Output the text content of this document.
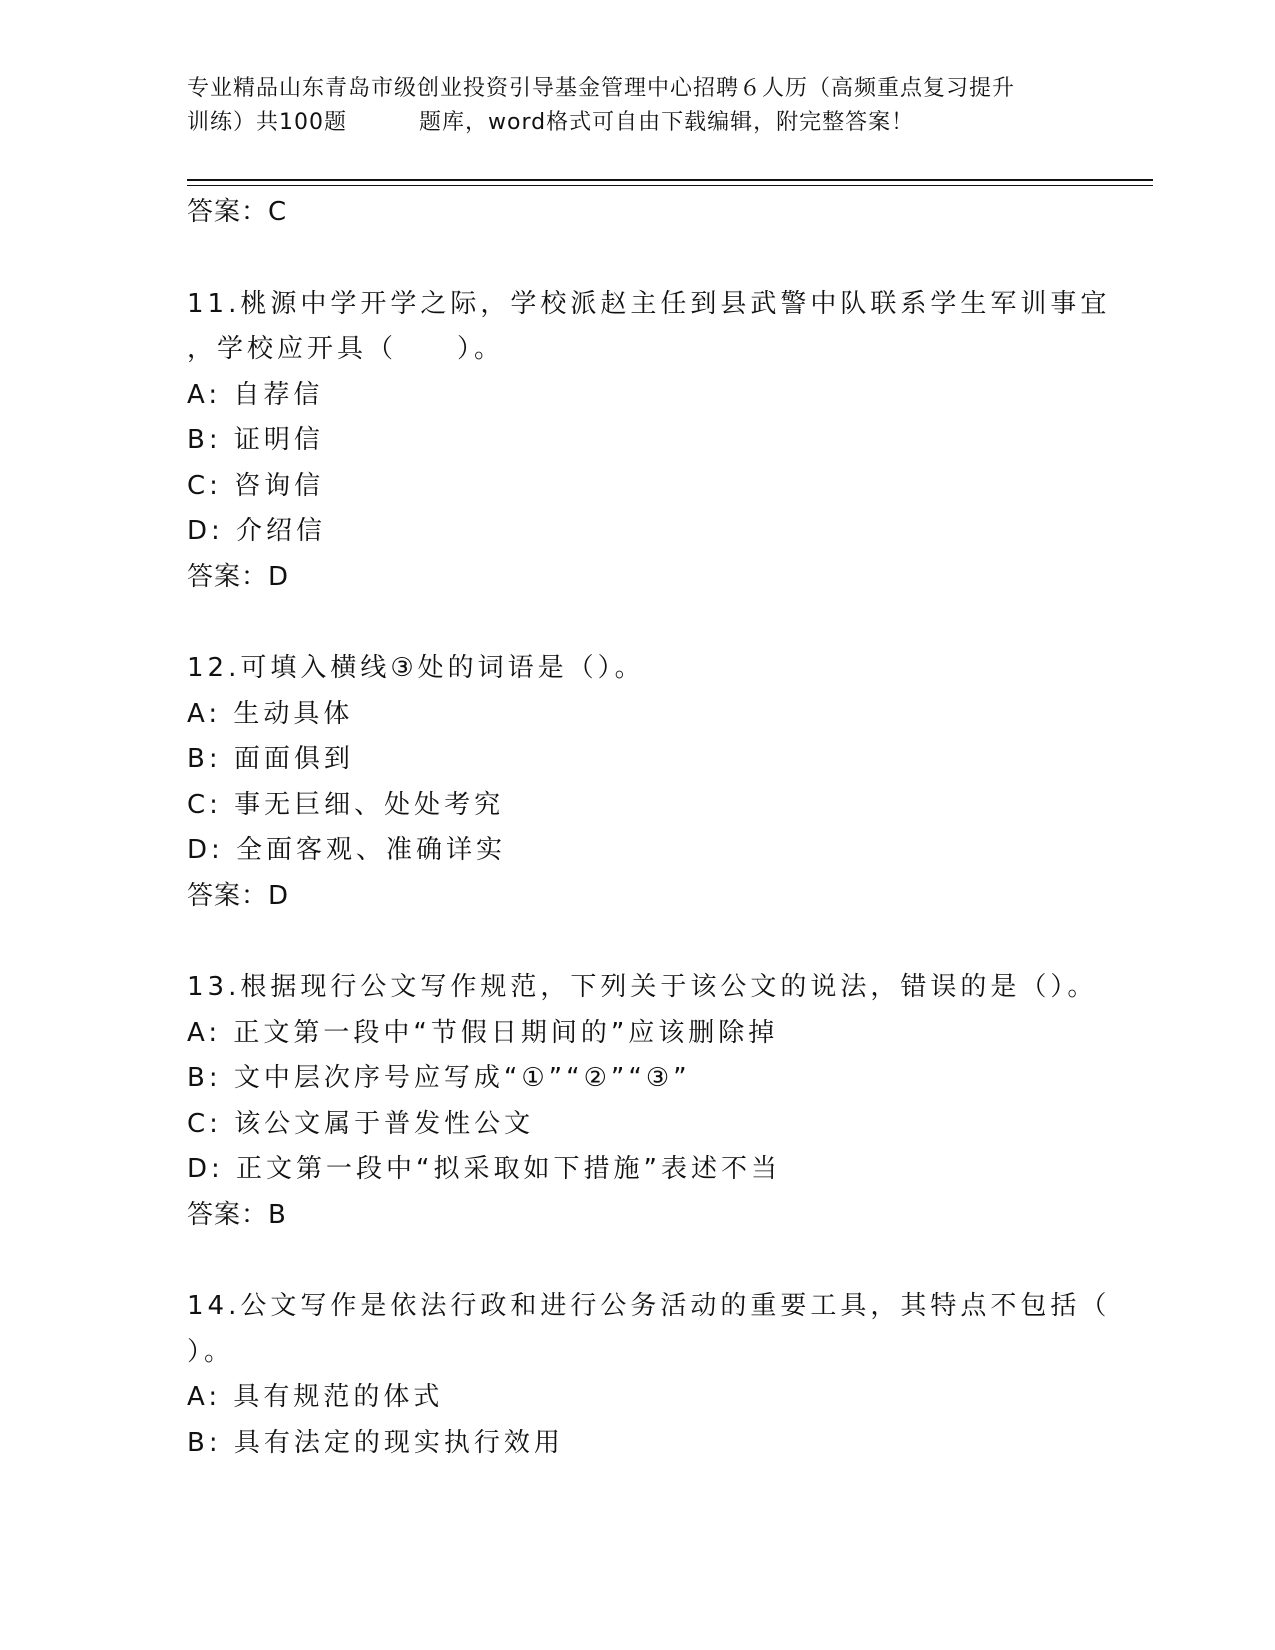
专业精品山东青岛市级创业投资引导基金管理中心招聘６人历（高频重点复习提升
训练）共100题	题库，word格式可自由下载编辑，附完整答案！
答案：C
11.桃源中学开学之际，学校派赵主任到县武警中队联系学生军训事宜
，学校应开具（　　）。
A: 自荐信
B: 证明信
C: 咨询信
D: 介绍信
答案：D
12.可填入横线③处的词语是（）。
A: 生动具体
B: 面面俱到
C: 事无巨细、处处考究
D: 全面客观、准确详实
答案：D
13.根据现行公文写作规范，下列关于该公文的说法，错误的是（）。
A: 正文第一段中“节假日期间的”应该删除掉
B: 文中层次序号应写成“①”“②”“③”
C: 该公文属于普发性公文
D: 正文第一段中“拟采取如下措施”表述不当
答案：B
14.公文写作是依法行政和进行公务活动的重要工具，其特点不包括（
）。
A: 具有规范的体式
B: 具有法定的现实执行效用
